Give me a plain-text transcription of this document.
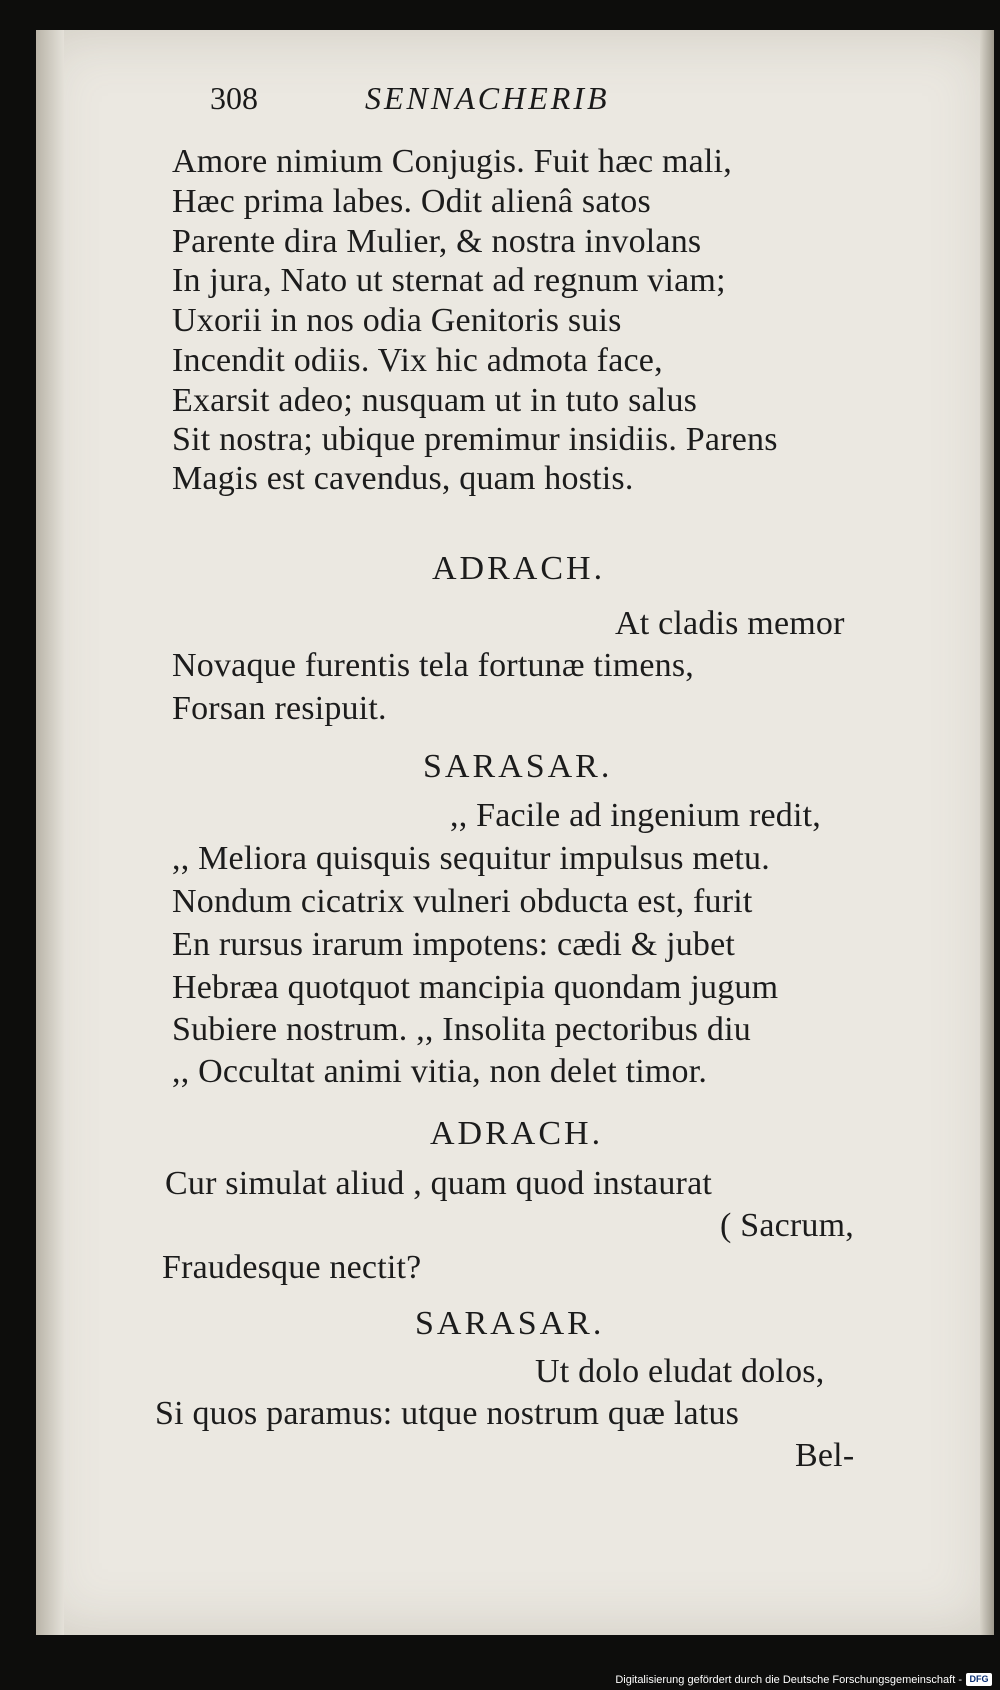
308	SENNACHERIB
Amore nimium Conjugis. Fuit hæc mali,
Hæc prima labes. Odit alienâ satos
Parente dira Mulier, & nostra involans
In jura, Nato ut sternat ad regnum viam;
Uxorii in nos odia Genitoris suis
Incendit odiis. Vix hic admota face,
Exarsit adeo; nusquam ut in tuto salus
Sit nostra; ubique premimur insidiis. Parens
Magis est cavendus, quam hostis.
ADRACH.
At cladis memor
Novaque furentis tela fortunæ timens,
Forsan resipuit.
SARASAR.
,, Facile ad ingenium redit,
,, Meliora quisquis sequitur impulsus metu.
Nondum cicatrix vulneri obducta est, furit
En rursus irarum impotens: cædi & jubet
Hebræa quotquot mancipia quondam jugum
Subiere nostrum. ,, Insolita pectoribus diu
,, Occultat animi vitia, non delet timor.
ADRACH.
Cur simulat aliud , quam quod instaurat
( Sacrum,
Fraudesque nectit?
SARASAR.
Ut dolo eludat dolos,
Si quos paramus: utque nostrum quæ latus
Bel-
Digitalisierung gefördert durch die Deutsche Forschungsgemeinschaft - DFG
